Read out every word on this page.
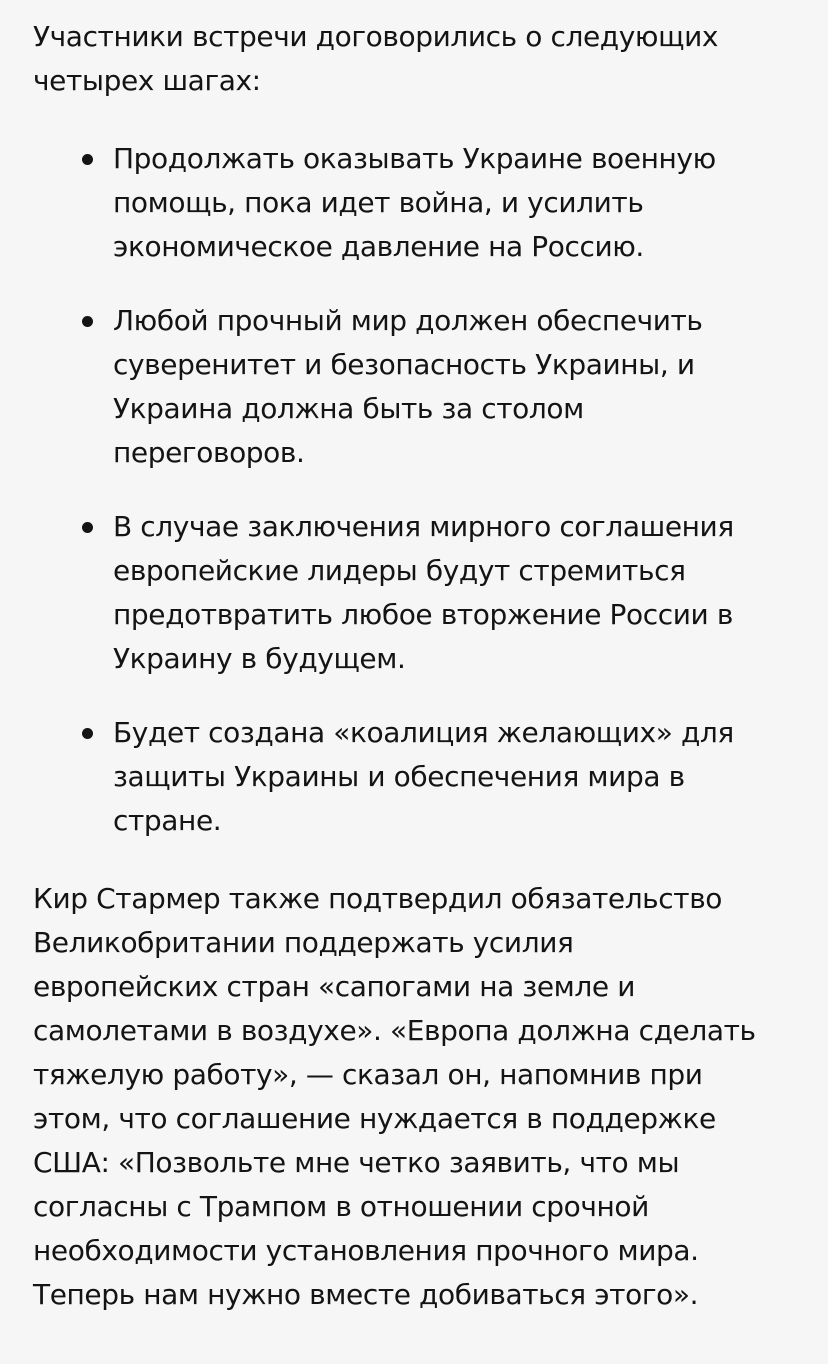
Участники встречи договорились о следующих
четырех шагах:

Продолжать оказывать Украине военную
помощь, пока идет война, и усилить
экономическое давление на Россию.
Любой прочный мир должен обеспечить
суверенитет и безопасность Украины, и
Украина должна быть за столом
переговоров.
В случае заключения мирного соглашения
европейские лидеры будут стремиться
предотвратить любое вторжение России в
Украину в будущем.
Будет создана «коалиция желающих» для
защиты Украины и обеспечения мира в
стране.

Кир Стармер также подтвердил обязательство
Великобритании поддержать усилия
европейских стран «сапогами на земле и
самолетами в воздухе». «Европа должна сделать
тяжелую работу», — сказал он, напомнив при
этом, что соглашение нуждается в поддержке
США: «Позвольте мне четко заявить, что мы
согласны с Трампом в отношении срочной
необходимости установления прочного мира.
Теперь нам нужно вместе добиваться этого».
